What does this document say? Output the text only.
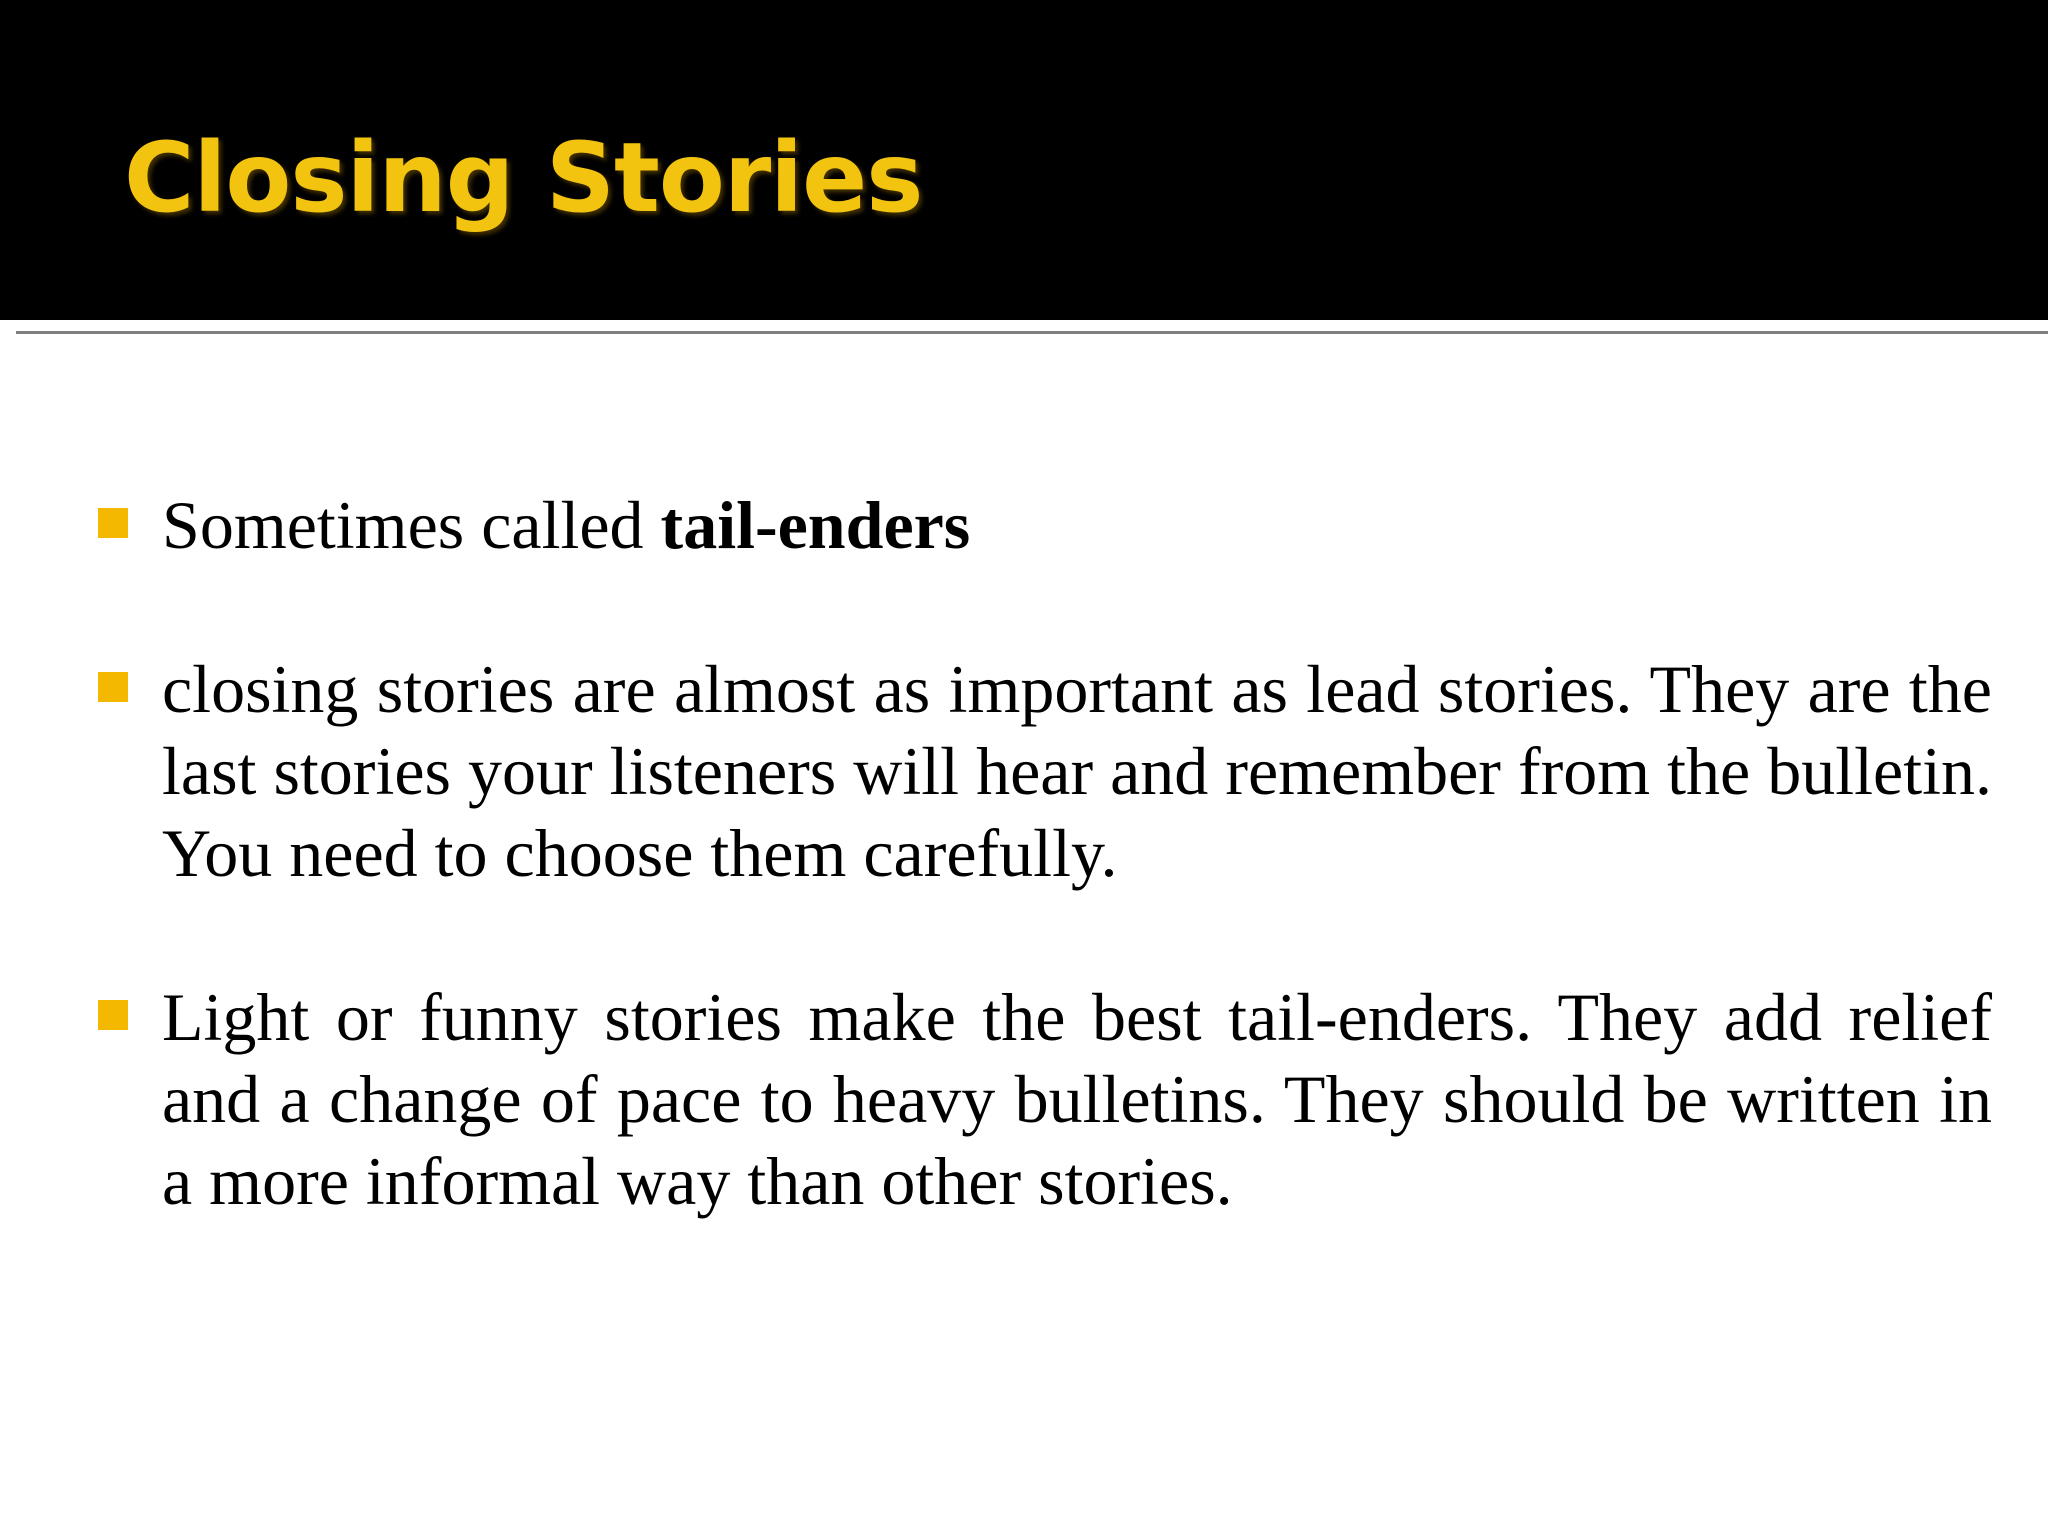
Closing Stories
Sometimes called tail-enders
closing stories are almost as important as lead stories. They are the last stories your listeners will hear and remember from the bulletin. You need to choose them carefully.
Light or funny stories make the best tail-enders. They add relief and a change of pace to heavy bulletins. They should be written in a more informal way than other stories.
